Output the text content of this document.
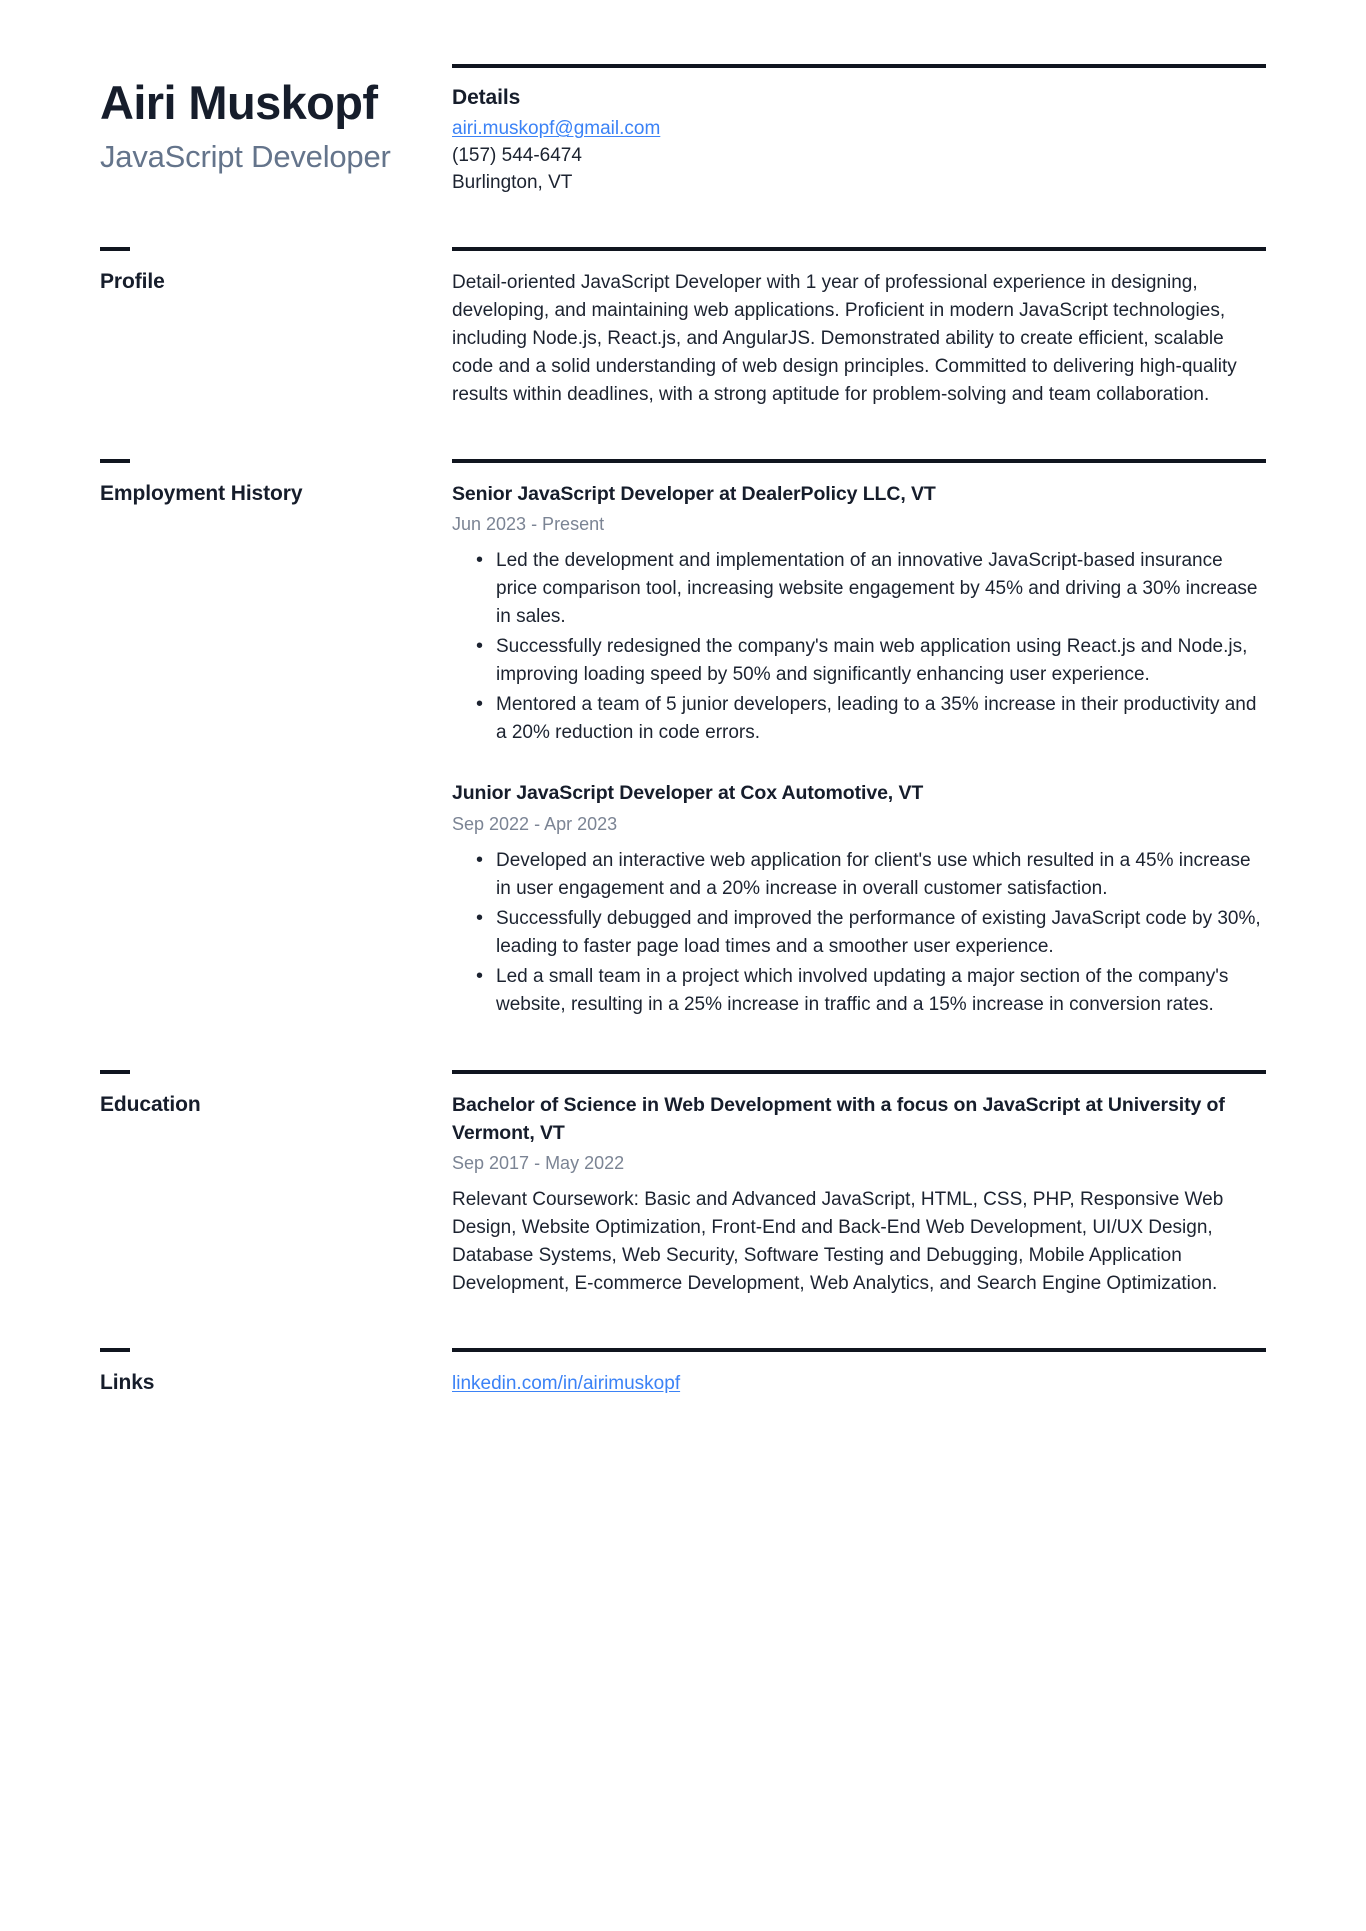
Airi Muskopf
JavaScript Developer
Details
airi.muskopf@gmail.com
(157) 544-6474
Burlington, VT
Profile	Detail-oriented JavaScript Developer with 1 year of professional experience in designing, developing, and maintaining web applications. Proficient in modern JavaScript technologies, including Node.js, React.js, and AngularJS. Demonstrated ability to create efficient, scalable code and a solid understanding of web design principles. Committed to delivering high-quality results within deadlines, with a strong aptitude for problem-solving and team collaboration.

Employment History	Senior JavaScript Developer at DealerPolicy LLC, VT
Jun 2023 - Present
• Led the development and implementation of an innovative JavaScript-based insurance price comparison tool, increasing website engagement by 45% and driving a 30% increase in sales.
• Successfully redesigned the company's main web application using React.js and Node.js, improving loading speed by 50% and significantly enhancing user experience.
• Mentored a team of 5 junior developers, leading to a 35% increase in their productivity and a 20% reduction in code errors.
Junior JavaScript Developer at Cox Automotive, VT
Sep 2022 - Apr 2023
• Developed an interactive web application for client's use which resulted in a 45% increase in user engagement and a 20% increase in overall customer satisfaction.
• Successfully debugged and improved the performance of existing JavaScript code by 30%, leading to faster page load times and a smoother user experience.
• Led a small team in a project which involved updating a major section of the company's website, resulting in a 25% increase in traffic and a 15% increase in conversion rates.
Education	Bachelor of Science in Web Development with a focus on JavaScript at University of Vermont, VT
Sep 2017 - May 2022

Relevant Coursework: Basic and Advanced JavaScript, HTML, CSS, PHP, Responsive Web Design, Website Optimization, Front-End and Back-End Web Development, UI/UX Design, Database Systems, Web Security, Software Testing and Debugging, Mobile Application Development, E-commerce Development, Web Analytics, and Search Engine Optimization.

Links	linkedin.com/in/airimuskopf
